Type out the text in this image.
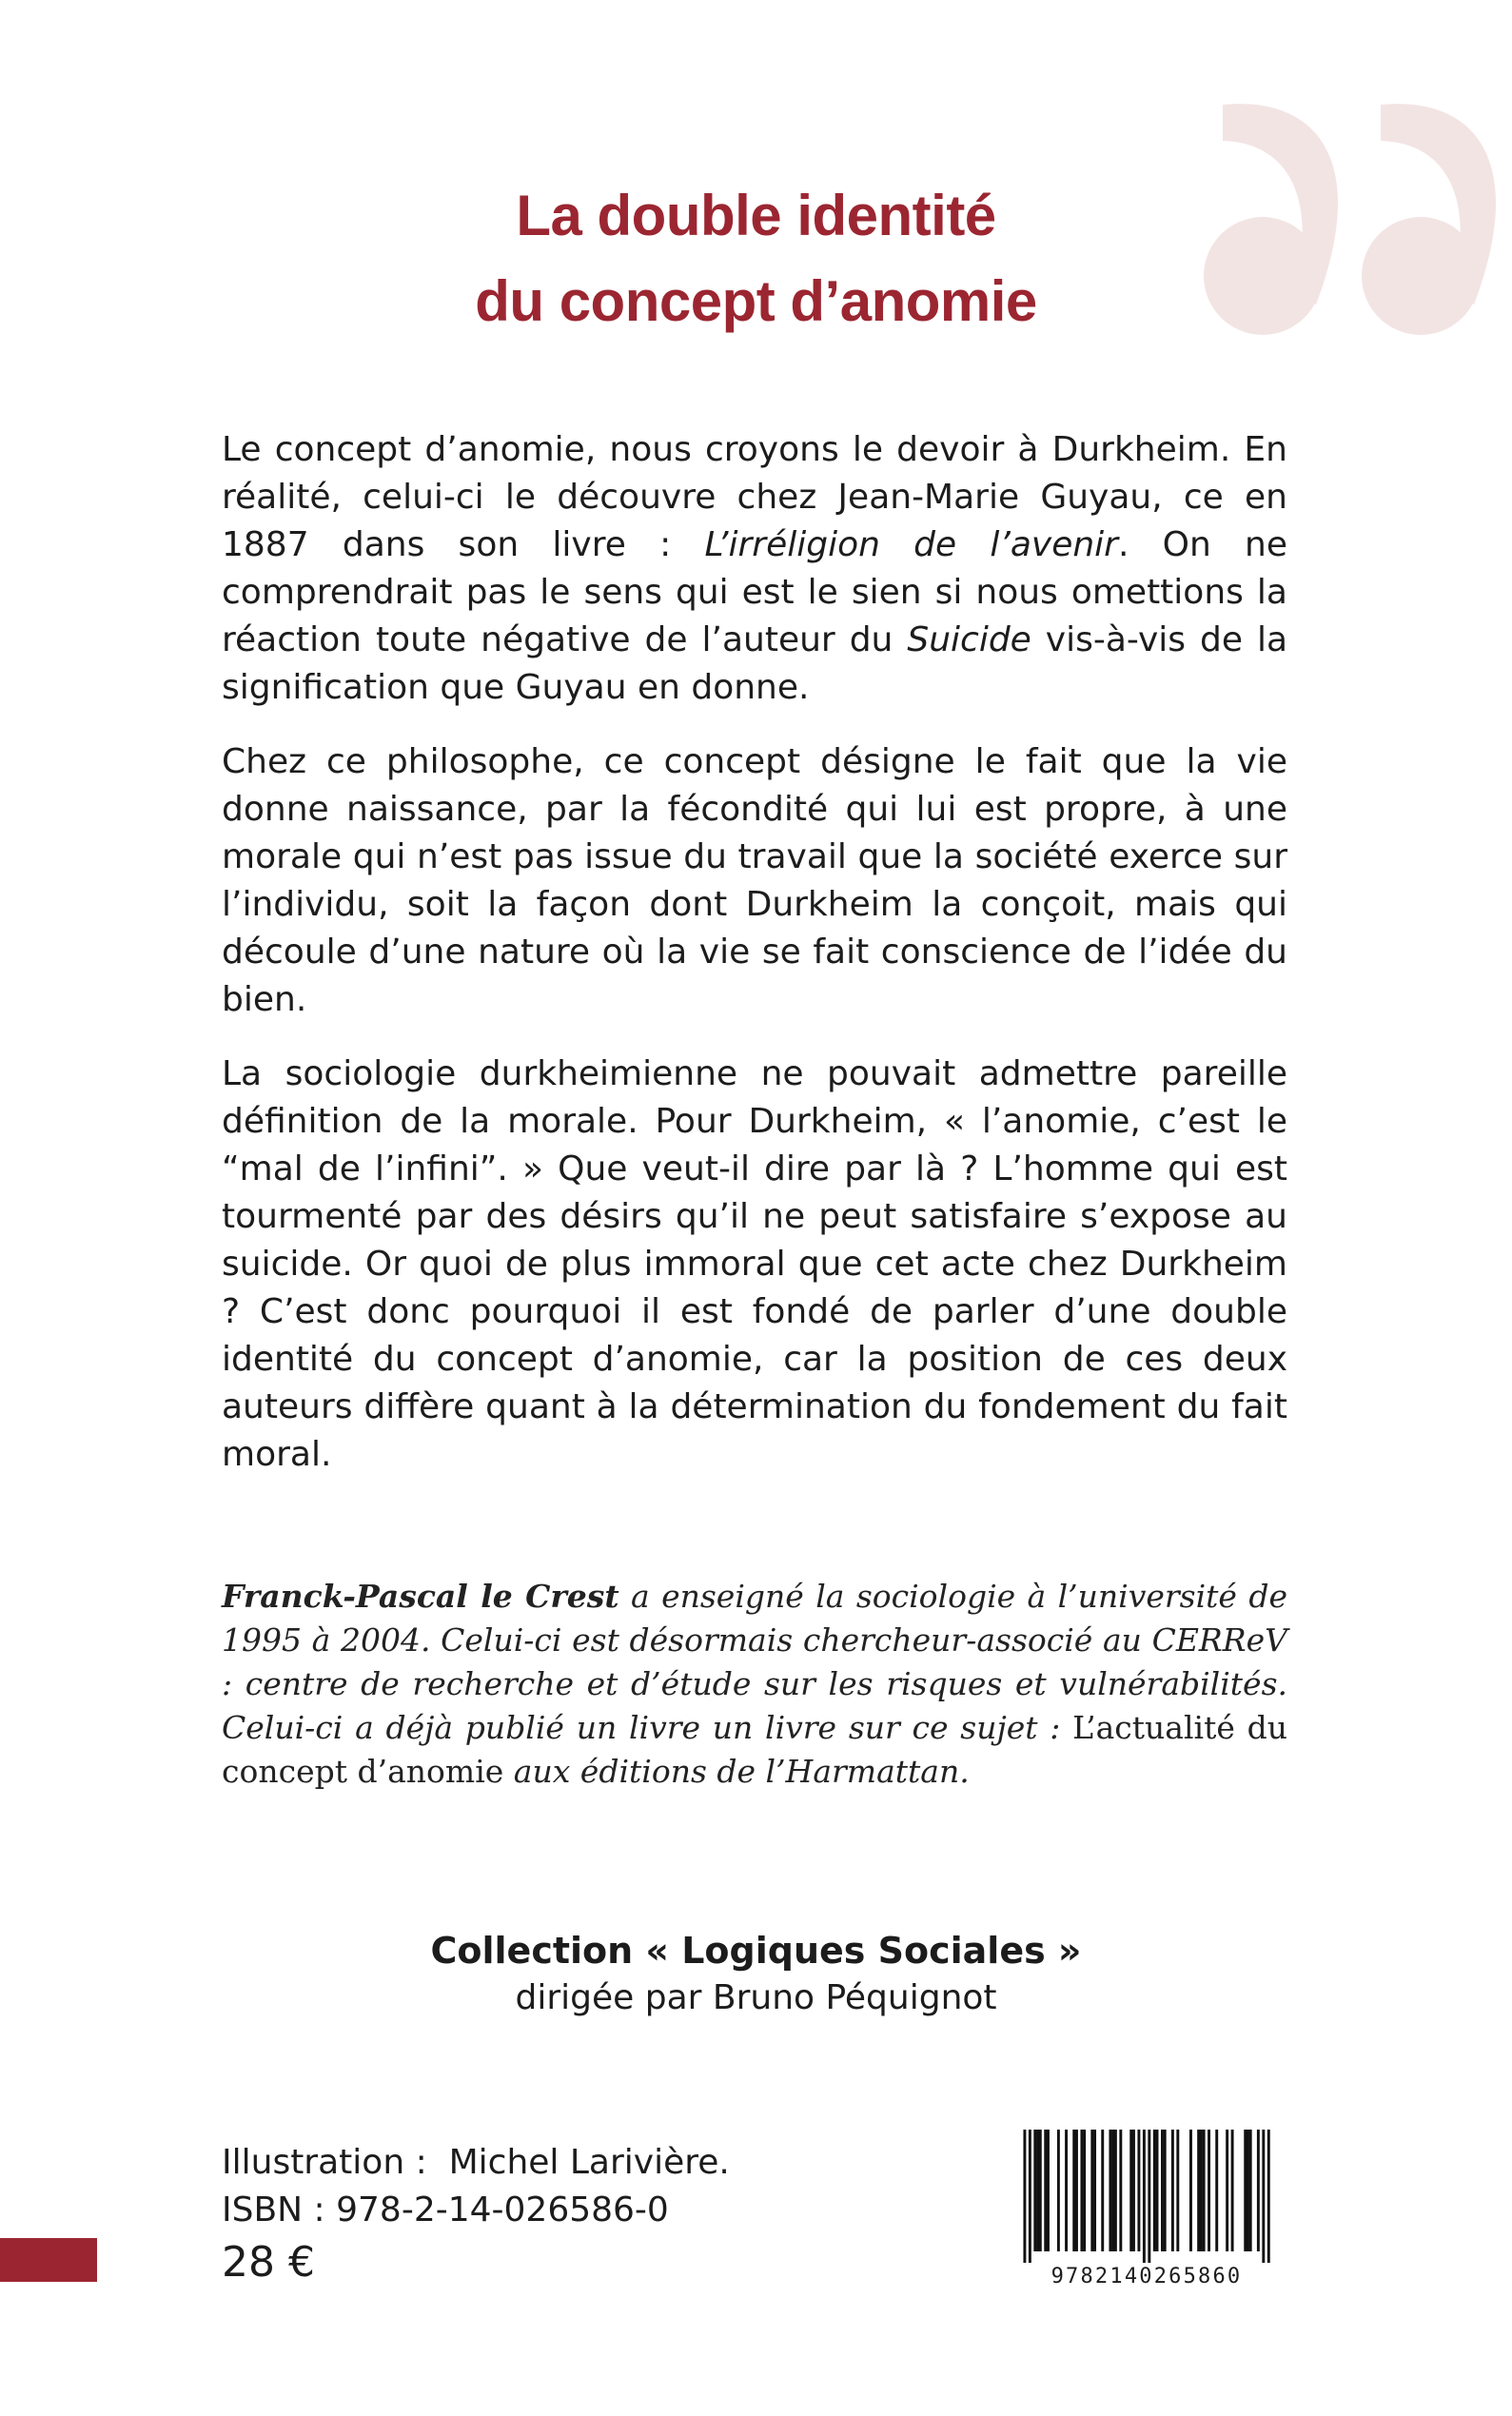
La double identité
du concept d’anomie

Le concept d’anomie, nous croyons le devoir à Durkheim. En réalité, celui-ci le découvre chez Jean-Marie Guyau, ce en 1887 dans son livre : L’irréligion de l’avenir. On ne comprendrait pas le sens qui est le sien si nous omettions la réaction toute négative de l’auteur du Suicide vis-à-vis de la signification que Guyau en donne.

Chez ce philosophe, ce concept désigne le fait que la vie donne naissance, par la fécondité qui lui est propre, à une morale qui n’est pas issue du travail que la société exerce sur l’individu, soit la façon dont Durkheim la conçoit, mais qui découle d’une nature où la vie se fait conscience de l’idée du bien.

La sociologie durkheimienne ne pouvait admettre pareille définition de la morale. Pour Durkheim, « l’anomie, c’est le “mal de l’infini”. » Que veut-il dire par là ? L’homme qui est tourmenté par des désirs qu’il ne peut satisfaire s’expose au suicide. Or quoi de plus immoral que cet acte chez Durkheim ? C’est donc pourquoi il est fondé de parler d’une double identité du concept d’anomie, car la position de ces deux auteurs diffère quant à la détermination du fondement du fait moral.

Franck-Pascal le Crest a enseigné la sociologie à l’université de 1995 à 2004. Celui-ci est désormais chercheur-associé au CERReV : centre de recherche et d’étude sur les risques et vulnérabilités. Celui-ci a déjà publié un livre un livre sur ce sujet : L’actualité du concept d’anomie aux éditions de l’Harmattan.
Collection « Logiques Sociales »
dirigée par Bruno Péquignot
Illustration :  Michel Larivière.
ISBN : 978-2-14-026586-0
28 €	9782140265860
